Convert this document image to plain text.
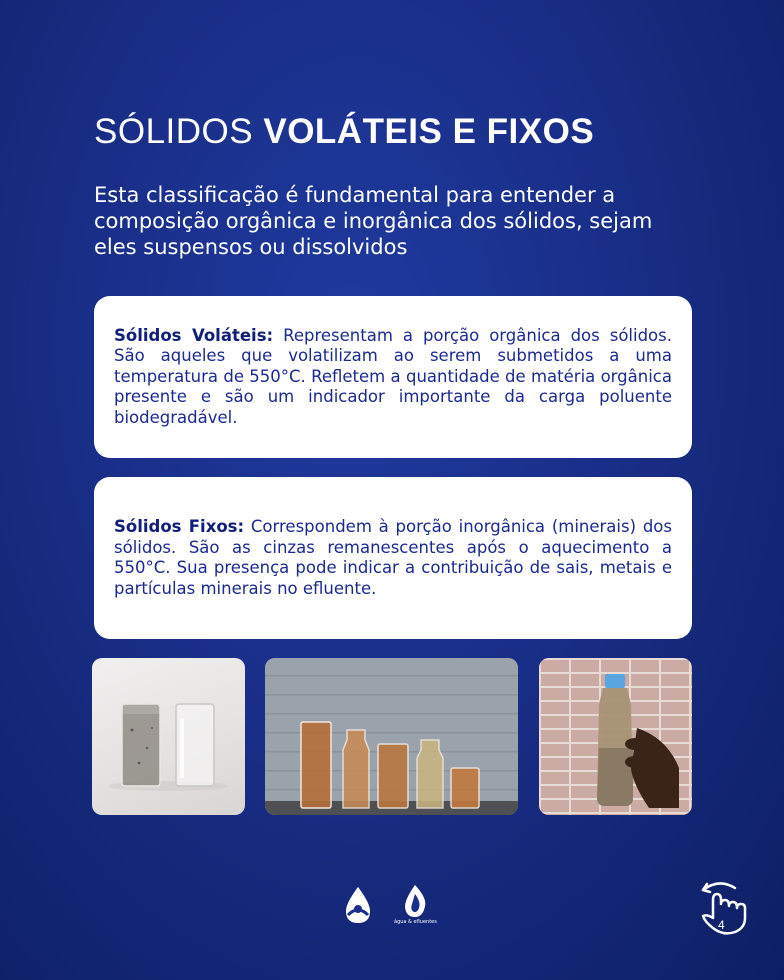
SÓLIDOS VOLÁTEIS E FIXOS

Esta classificação é fundamental para entender a composição orgânica e inorgânica dos sólidos, sejam eles suspensos ou dissolvidos

Sólidos Voláteis: Representam a porção orgânica dos sólidos. São aqueles que volatilizam ao serem submetidos a uma temperatura de 550°C. Refletem a quantidade de matéria orgânica presente e são um indicador importante da carga poluente biodegradável.

Sólidos Fixos: Correspondem à porção inorgânica (minerais) dos sólidos. São as cinzas remanescentes após o aquecimento a 550°C. Sua presença pode indicar a contribuição de sais, metais e partículas minerais no efluente.

água & efluentes	4
